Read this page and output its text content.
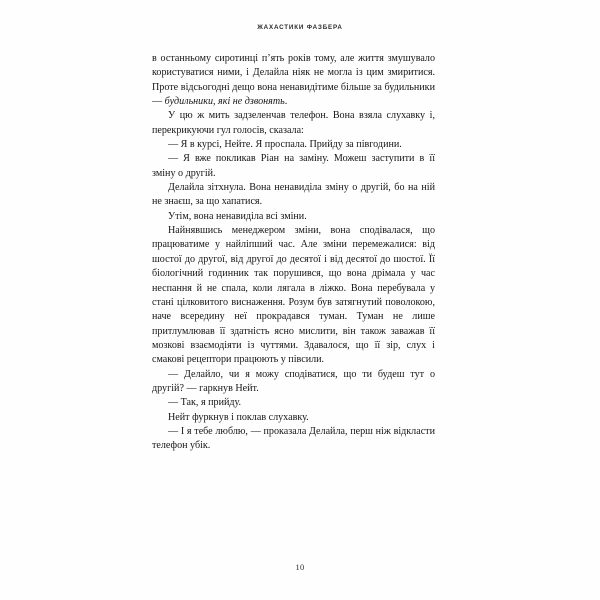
ЖАХАСТИКИ ФАЗБЕРА

в останньому сиротинці п’ять років тому, але життя змушувало користуватися ними, і Делайла ніяк не могла із цим змиритися. Проте відсьогодні дещо вона ненавидітиме більше за будильники — будильники, які не дзвонять.

У цю ж мить задзеленчав телефон. Вона взяла слухавку і, перекрикуючи гул голосів, сказала:

— Я в курсі, Нейте. Я проспала. Прийду за півгодини.

— Я вже покликав Ріан на заміну. Можеш заступити в її зміну о другій.

Делайла зітхнула. Вона ненавиділа зміну о другій, бо на ній не знаєш, за що хапатися.

Утім, вона ненавиділа всі зміни.

Найнявшись менеджером зміни, вона сподівалася, що працюватиме у найліпший час. Але зміни перемежалися: від шостої до другої, від другої до десятої і від десятої до шостої. Її біологічний годинник так порушився, що вона дрімала у час неспання й не спала, коли лягала в ліжко. Вона перебувала у стані цілковитого виснаження. Розум був затягнутий поволокою, наче всередину неї прокрадався туман. Туман не лише притлумлював її здатність ясно мислити, він також заважав її мозкові взаємодіяти із чуттями. Здавалося, що її зір, слух і смакові рецептори працюють у півсили.

— Делайло, чи я можу сподіватися, що ти будеш тут о другій? — гаркнув Нейт.

— Так, я прийду.

Нейт фуркнув і поклав слухавку.

— І я тебе люблю, — проказала Делайла, перш ніж відкласти телефон убік.

10
